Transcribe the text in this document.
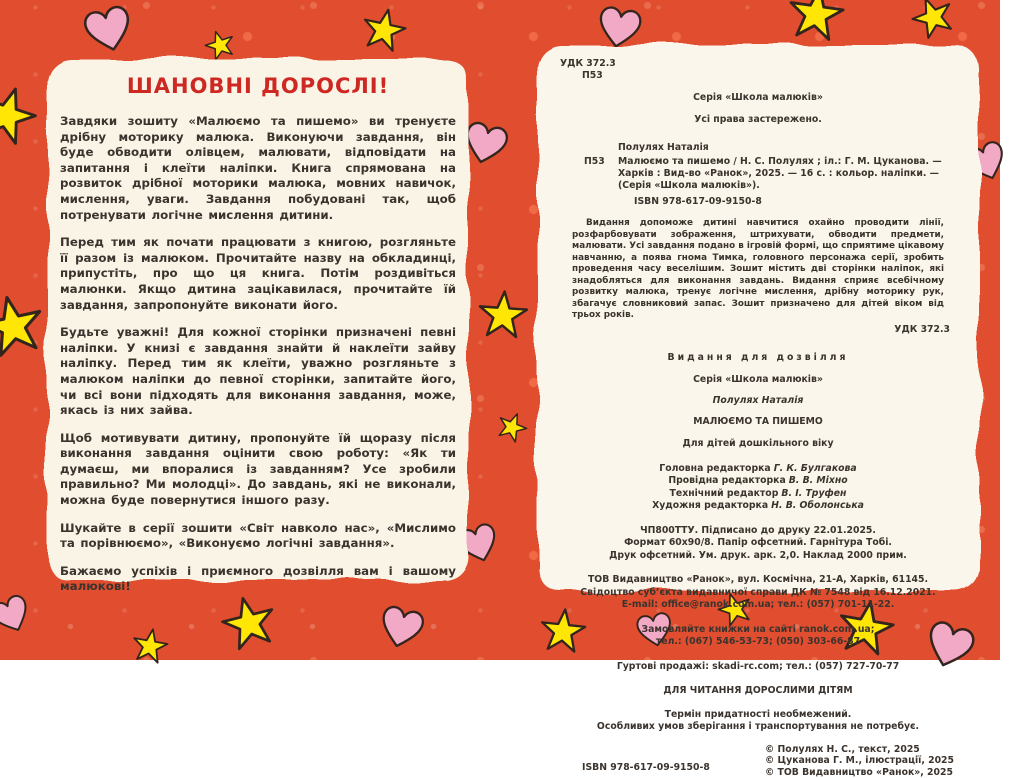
ШАНОВНІ ДОРОСЛІ!

Завдяки зошиту «Малюємо та пишемо» ви тренуєте дрібну моторику малюка. Виконуючи завдання, він буде обводити олівцем, малювати, відповідати на запитання і клеїти наліпки. Книга спрямована на розвиток дрібної моторики малюка, мовних навичок, мислення, уваги. Завдання побудовані так, щоб потренувати логічне мислення дитини.

Перед тим як почати працювати з книгою, розгляньте її разом із малюком. Прочитайте назву на обкладинці, припустіть, про що ця книга. Потім роздивіться малюнки. Якщо дитина зацікавилася, прочитайте їй завдання, запропонуйте виконати його.

Будьте уважні! Для кожної сторінки призначені певні наліпки. У книзі є завдання знайти й наклеїти зайву наліпку. Перед тим як клеїти, уважно розгляньте з малюком наліпки до певної сторінки, запитайте його, чи всі вони підходять для виконання завдання, може, якась із них зайва.

Щоб мотивувати дитину, пропонуйте їй щоразу після виконання завдання оцінити свою роботу: «Як ти думаєш, ми впоралися із завданням? Усе зробили правильно? Ми молодці». До завдань, які не виконали, можна буде повернутися іншого разу.

Шукайте в серії зошити «Світ навколо нас», «Мислимо та порівнюємо», «Виконуємо логічні завдання».

Бажаємо успіхів і приємного дозвілля вам і вашому малюкові!

УДК 372.3
П53
Серія «Школа малюків»
Усі права застережено.
Полулях Наталія
П53 Малюємо та пишемо / Н. С. Полулях ; іл.: Г. М. Цуканова. — Харків : Вид-во «Ранок», 2025. — 16 с. : кольор. наліпки. — (Серія «Школа малюків»).
ISBN 978-617-09-9150-8

Видання допоможе дитині навчитися охайно проводити лінії, розфарбовувати зображення, штрихувати, обводити предмети, малювати. Усі завдання подано в ігровій формі, що сприятиме цікавому навчанню, а поява гнома Тимка, головного персонажа серії, зробить проведення часу веселішим. Зошит містить дві сторінки наліпок, які знадобляться для виконання завдань. Видання сприяє всебічному розвитку малюка, тренує логічне мислення, дрібну моторику рук, збагачує словниковий запас. Зошит призначено для дітей віком від трьох років.

УДК 372.3
Видання для дозвілля
Серія «Школа малюків»
Полулях Наталія
МАЛЮЄМО ТА ПИШЕМО
Для дітей дошкільного віку
Головна редакторка Г. К. Булгакова
Провідна редакторка В. В. Міхно
Технічний редактор В. І. Труфен
Художня редакторка Н. В. Оболонська
ЧП800ТТУ. Підписано до друку 22.01.2025.
Формат 60х90/8. Папір офсетний. Гарнітура Тобі.
Друк офсетний. Ум. друк. арк. 2,0. Наклад 2000 прим.
ТОВ Видавництво «Ранок», вул. Космічна, 21-А, Харків, 61145.
Свідоцтво суб’єкта видавничої справи ДК № 7548 від 16.12.2021.
E-mail: office@ranok.com.ua; тел.: (057) 701-11-22.
Замовляйте книжки на сайті ranok.com.ua;
тел.: (067) 546-53-73; (050) 303-66-87
Гуртові продажі: skadi-rc.com; тел.: (057) 727-70-77
ДЛЯ ЧИТАННЯ ДОРОСЛИМИ ДІТЯМ
Термін придатності необмежений.
Особливих умов зберігання і транспортування не потребує.
ISBN 978-617-09-9150-8
© Полулях Н. С., текст, 2025
© Цуканова Г. М., ілюстрації, 2025
© ТОВ Видавництво «Ранок», 2025
